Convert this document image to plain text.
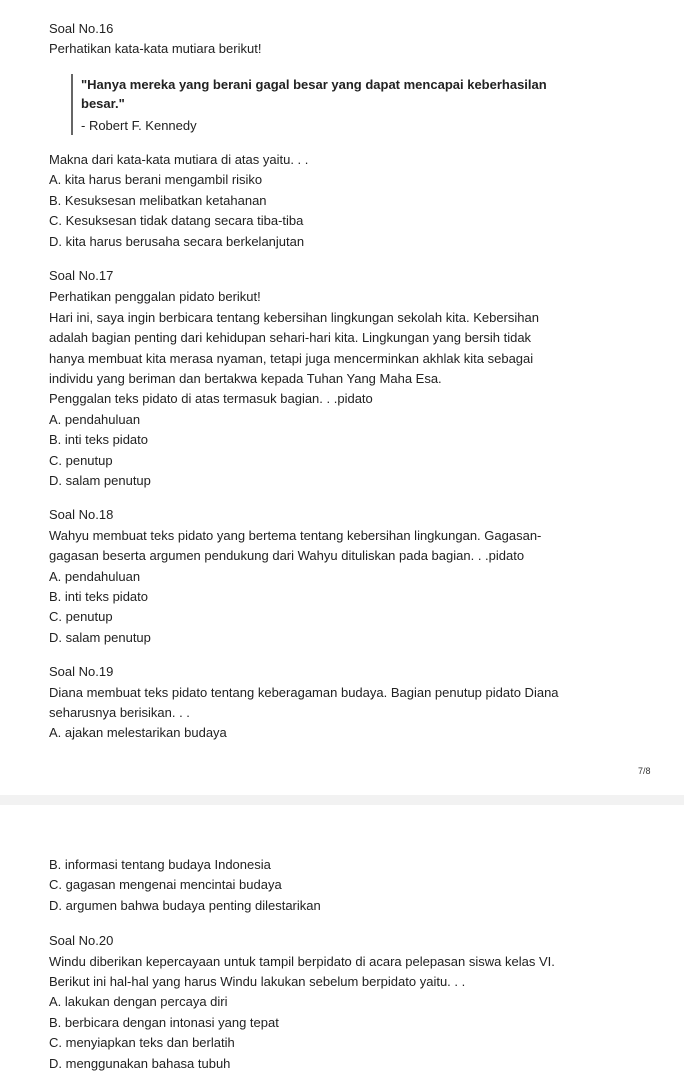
Soal No.16
Perhatikan kata-kata mutiara berikut!
"Hanya mereka yang berani gagal besar yang dapat mencapai keberhasilan
besar."
- Robert F. Kennedy
Makna dari kata-kata mutiara di atas yaitu. . .
A. kita harus berani mengambil risiko
B. Kesuksesan melibatkan ketahanan
C. Kesuksesan tidak datang secara tiba-tiba
D. kita harus berusaha secara berkelanjutan
Soal No.17
Perhatikan penggalan pidato berikut!
Hari ini, saya ingin berbicara tentang kebersihan lingkungan sekolah kita. Kebersihan
adalah bagian penting dari kehidupan sehari-hari kita. Lingkungan yang bersih tidak
hanya membuat kita merasa nyaman, tetapi juga mencerminkan akhlak kita sebagai
individu yang beriman dan bertakwa kepada Tuhan Yang Maha Esa.
Penggalan teks pidato di atas termasuk bagian. . .pidato
A. pendahuluan
B. inti teks pidato
C. penutup
D. salam penutup
Soal No.18
Wahyu membuat teks pidato yang bertema tentang kebersihan lingkungan. Gagasan-
gagasan beserta argumen pendukung dari Wahyu dituliskan pada bagian. . .pidato
A. pendahuluan
B. inti teks pidato
C. penutup
D. salam penutup
Soal No.19
Diana membuat teks pidato tentang keberagaman budaya. Bagian penutup pidato Diana
seharusnya berisikan. . .
A. ajakan melestarikan budaya
7/8
B. informasi tentang budaya Indonesia
C. gagasan mengenai mencintai budaya
D. argumen bahwa budaya penting dilestarikan
Soal No.20
Windu diberikan kepercayaan untuk tampil berpidato di acara pelepasan siswa kelas VI.
Berikut ini hal-hal yang harus Windu lakukan sebelum berpidato yaitu. . .
A. lakukan dengan percaya diri
B. berbicara dengan intonasi yang tepat
C. menyiapkan teks dan berlatih
D. menggunakan bahasa tubuh
